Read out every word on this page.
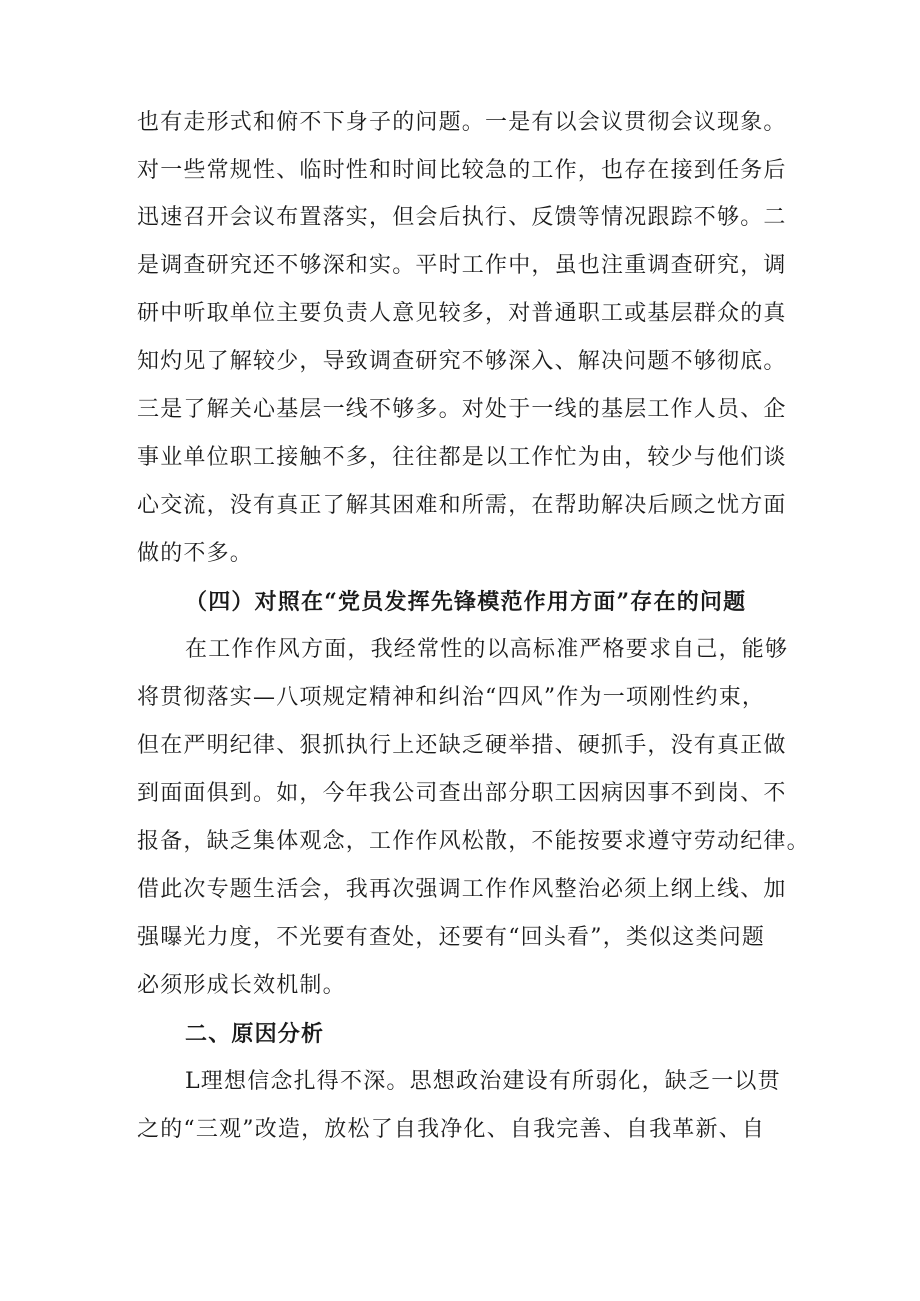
也有走形式和俯不下身子的问题。一是有以会议贯彻会议现象。
对一些常规性、临时性和时间比较急的工作，也存在接到任务后
迅速召开会议布置落实，但会后执行、反馈等情况跟踪不够。二
是调查研究还不够深和实。平时工作中，虽也注重调查研究，调
研中听取单位主要负责人意见较多，对普通职工或基层群众的真
知灼见了解较少，导致调查研究不够深入、解决问题不够彻底。
三是了解关心基层一线不够多。对处于一线的基层工作人员、企
事业单位职工接触不多，往往都是以工作忙为由，较少与他们谈
心交流，没有真正了解其困难和所需，在帮助解决后顾之忧方面
做的不多。
（四）对照在“党员发挥先锋模范作用方面”存在的问题
在工作作风方面，我经常性的以高标准严格要求自己，能够
将贯彻落实—八项规定精神和纠治“四风”作为一项刚性约束，
但在严明纪律、狠抓执行上还缺乏硬举措、硬抓手，没有真正做
到面面俱到。如，今年我公司查出部分职工因病因事不到岗、不
报备，缺乏集体观念，工作作风松散，不能按要求遵守劳动纪律。
借此次专题生活会，我再次强调工作作风整治必须上纲上线、加
强曝光力度，不光要有查处，还要有“回头看”，类似这类问题
必须形成长效机制。
二、原因分析
L理想信念扎得不深。思想政治建设有所弱化，缺乏一以贯
之的“三观”改造，放松了自我净化、自我完善、自我革新、自
